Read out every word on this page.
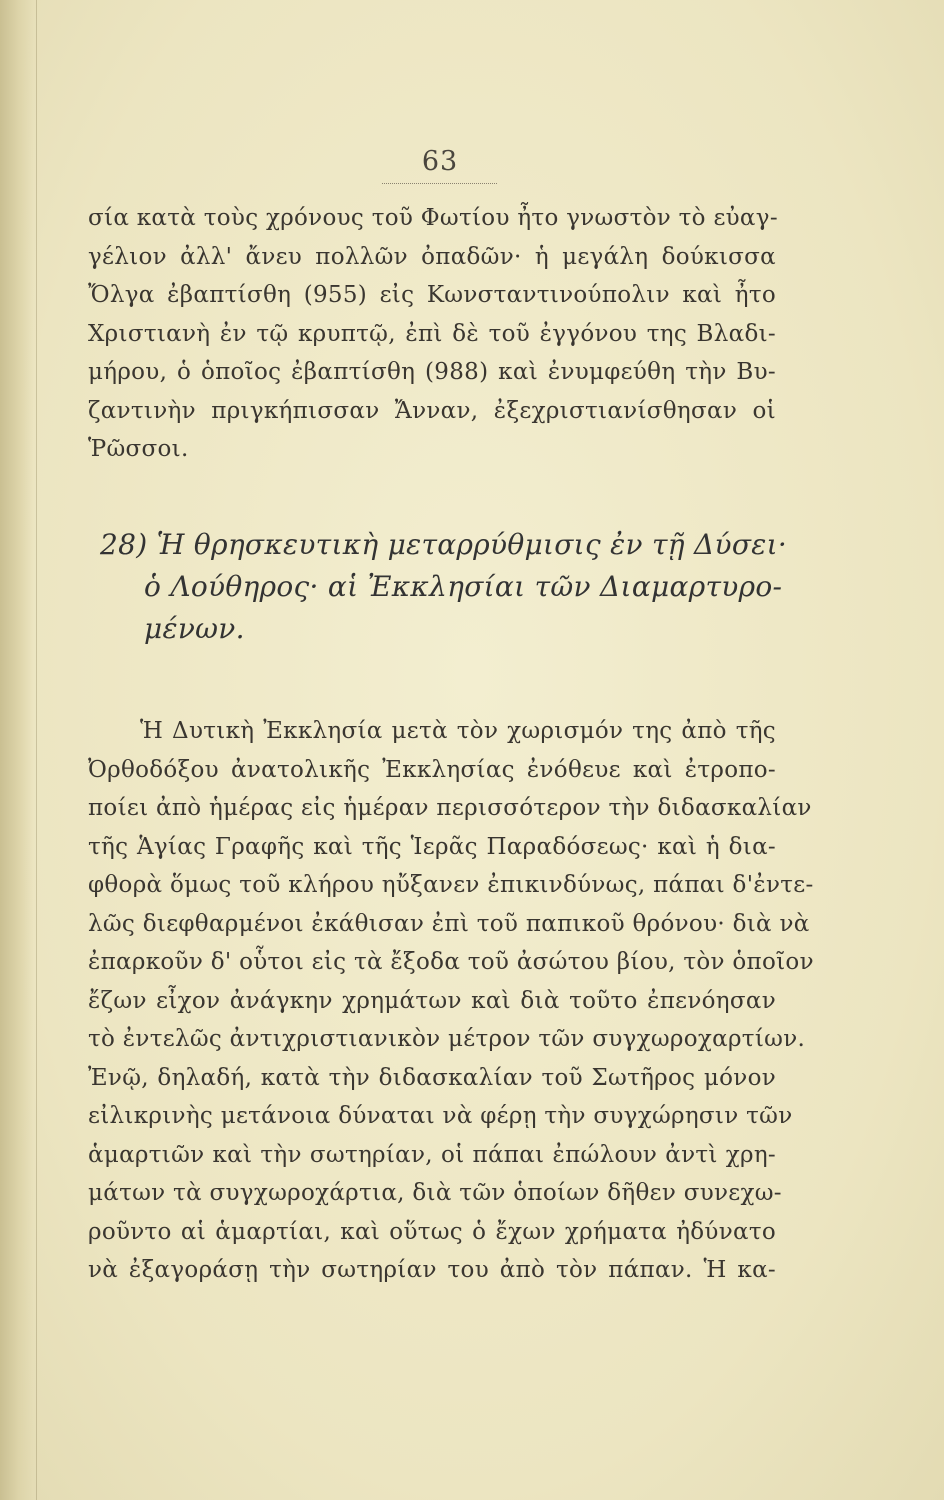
63
σία κατὰ τοὺς χρόνους τοῦ Φωτίου ἦτο γνωστὸν τὸ εὐαγ-
γέλιον ἀλλ' ἄνευ πολλῶν ὀπαδῶν· ἡ μεγάλη δούκισσα
Ὄλγα ἐβαπτίσθη (955) εἰς Κωνσταντινούπολιν καὶ ἦτο
Χριστιανὴ ἐν τῷ κρυπτῷ, ἐπὶ δὲ τοῦ ἐγγόνου της Βλαδι-
μήρου, ὁ ὁποῖος ἐβαπτίσθη (988) καὶ ἐνυμφεύθη τὴν Βυ-
ζαντινὴν πριγκήπισσαν Ἄνναν, ἐξεχριστιανίσθησαν οἱ
Ῥῶσσοι.
28) Ἡ θρησκευτικὴ μεταρρύθμισις ἐν τῇ Δύσει·
ὁ Λούθηρος· αἱ Ἐκκλησίαι τῶν Διαμαρτυρο-
μένων.
Ἡ Δυτικὴ Ἐκκλησία μετὰ τὸν χωρισμόν της ἀπὸ τῆς
Ὀρθοδόξου ἀνατολικῆς Ἐκκλησίας ἐνόθευε καὶ ἐτροπο-
ποίει ἀπὸ ἡμέρας εἰς ἡμέραν περισσότερον τὴν διδασκαλίαν
τῆς Ἁγίας Γραφῆς καὶ τῆς Ἱερᾶς Παραδόσεως· καὶ ἡ δια-
φθορὰ ὅμως τοῦ κλήρου ηὔξανεν ἐπικινδύνως, πάπαι δ'ἐντε-
λῶς διεφθαρμένοι ἐκάθισαν ἐπὶ τοῦ παπικοῦ θρόνου· διὰ νὰ
ἐπαρκοῦν δ' οὗτοι εἰς τὰ ἔξοδα τοῦ ἀσώτου βίου, τὸν ὁποῖον
ἔζων εἶχον ἀνάγκην χρημάτων καὶ διὰ τοῦτο ἐπενόησαν
τὸ ἐντελῶς ἀντιχριστιανικὸν μέτρον τῶν συγχωροχαρτίων.
Ἐνῷ, δηλαδή, κατὰ τὴν διδασκαλίαν τοῦ Σωτῆρος μόνον
εἰλικρινὴς μετάνοια δύναται νὰ φέρῃ τὴν συγχώρησιν τῶν
ἁμαρτιῶν καὶ τὴν σωτηρίαν, οἱ πάπαι ἐπώλουν ἀντὶ χρη-
μάτων τὰ συγχωροχάρτια, διὰ τῶν ὁποίων δῆθεν συνεχω-
ροῦντο αἱ ἁμαρτίαι, καὶ οὕτως ὁ ἔχων χρήματα ἠδύνατο
νὰ ἐξαγοράσῃ τὴν σωτηρίαν του ἀπὸ τὸν πάπαν. Ἡ κα-
